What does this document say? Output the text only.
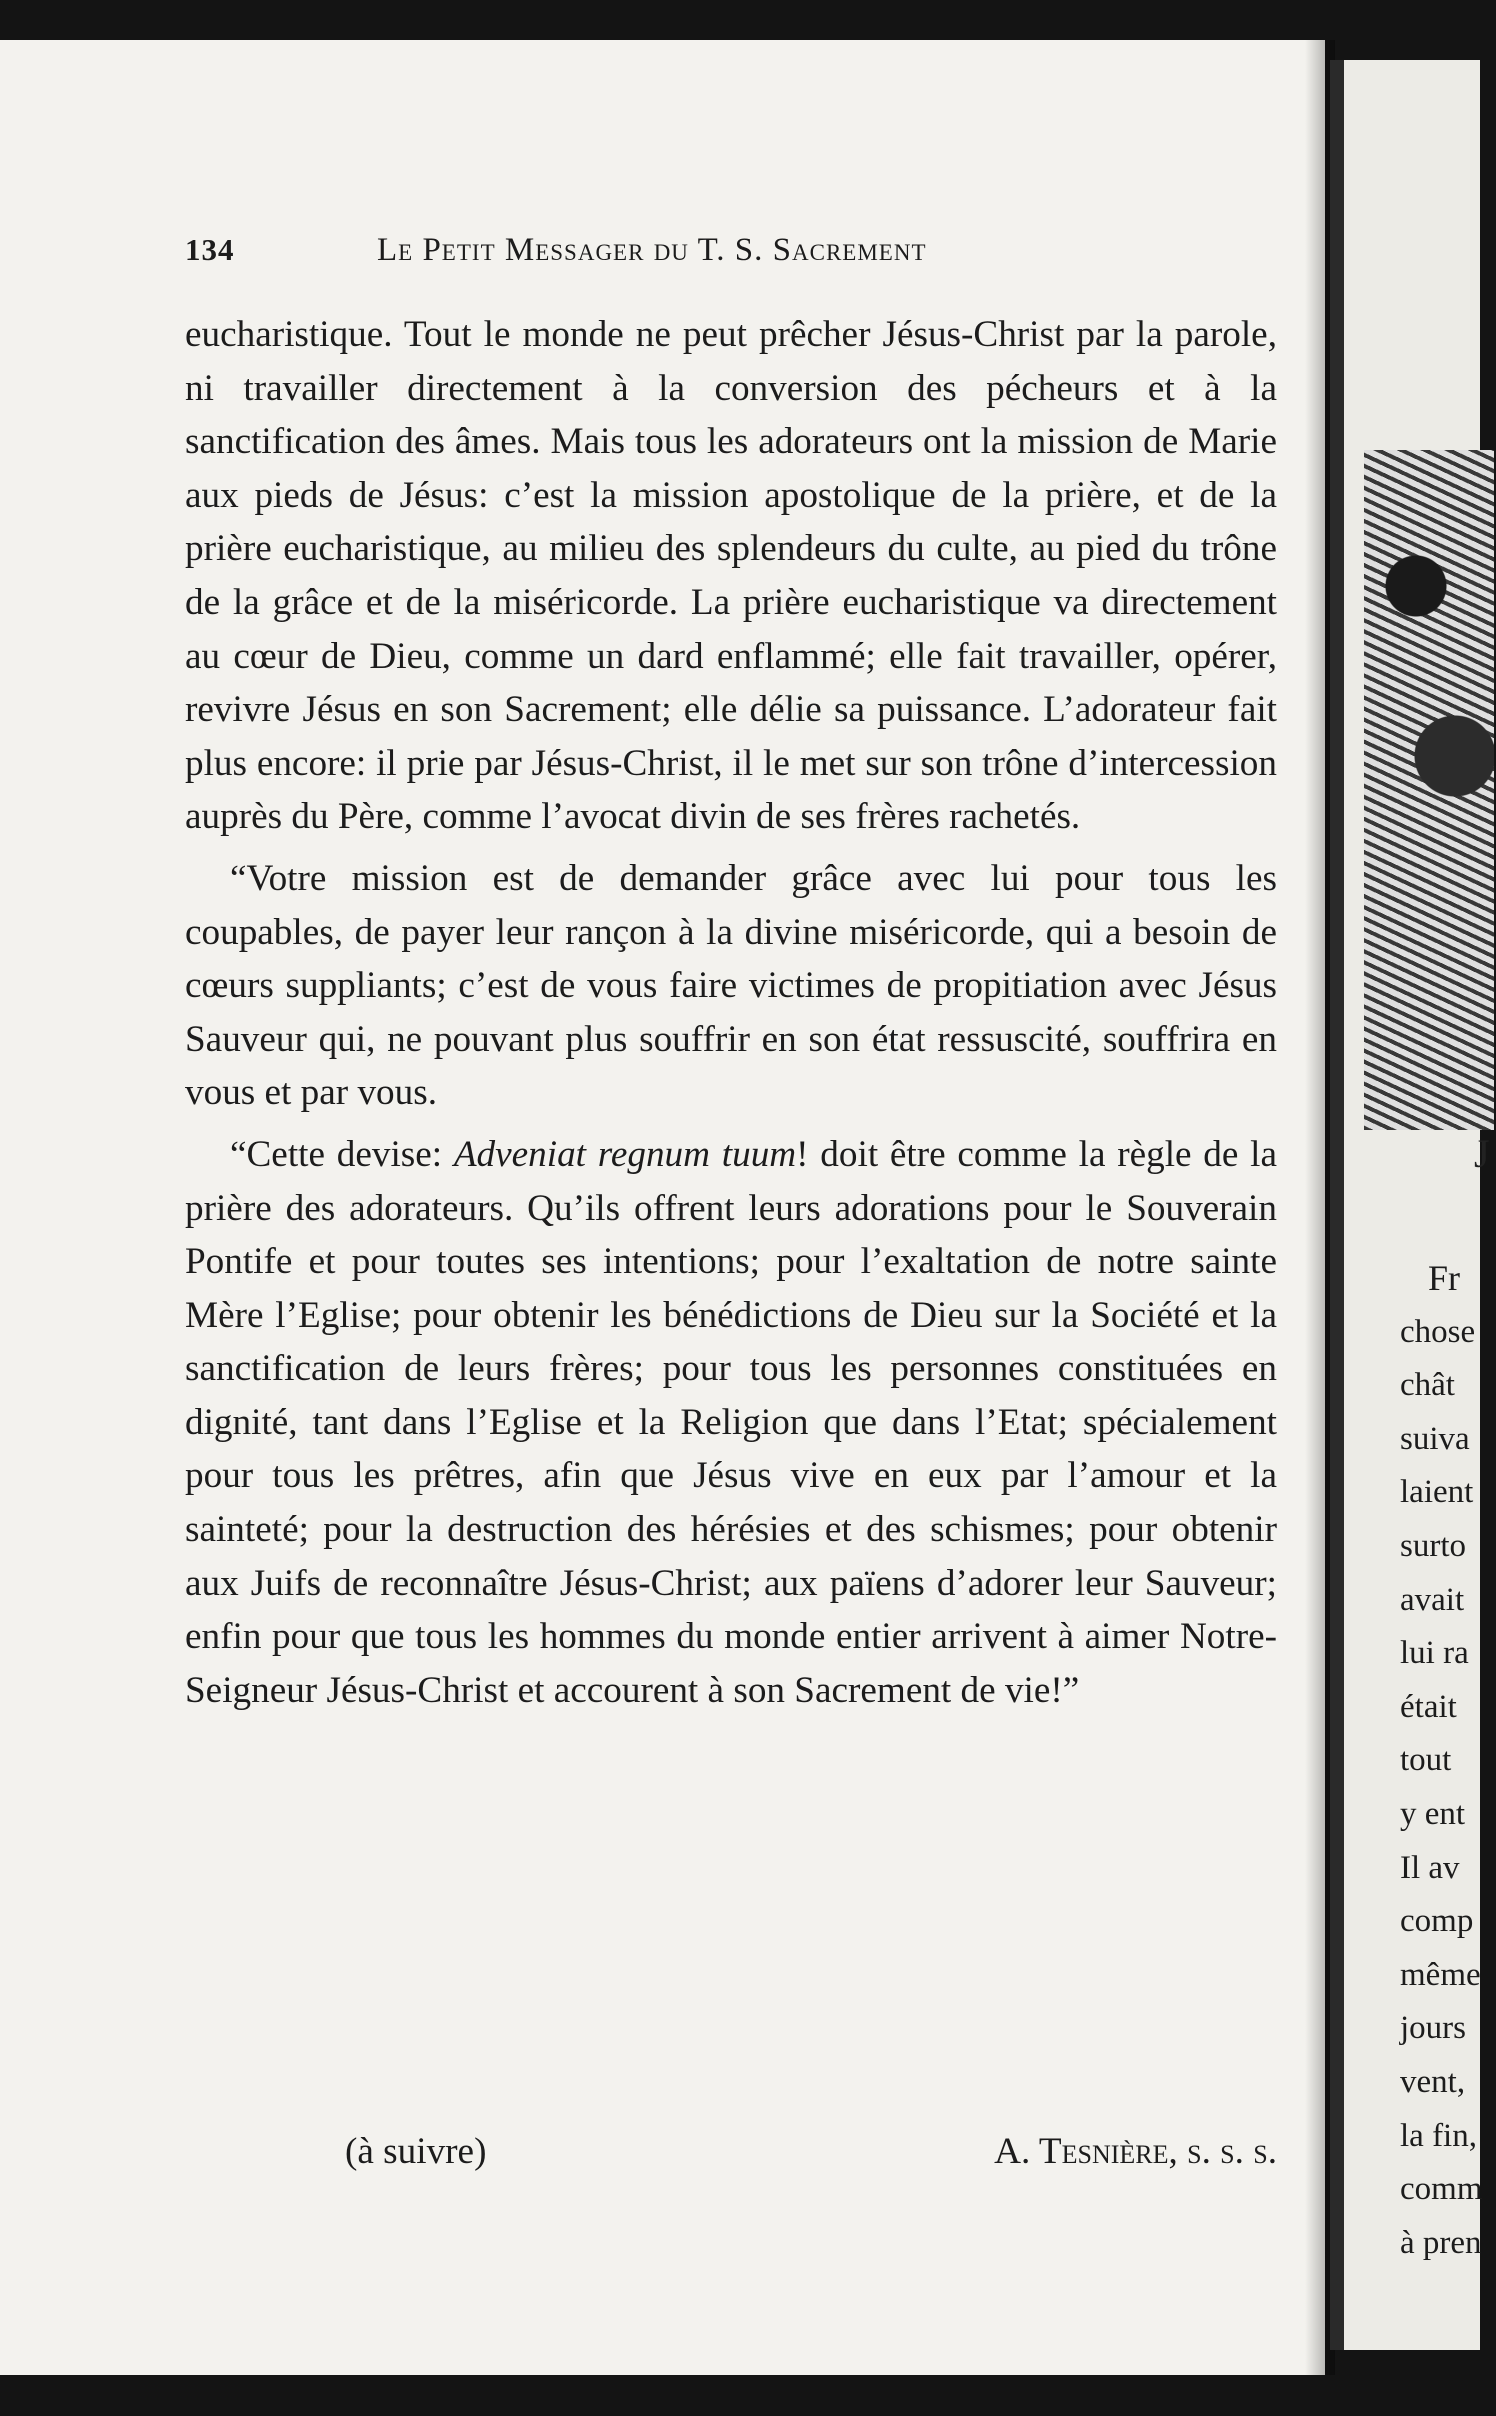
134	Le Petit Messager du T. S. Sacrement

eucharistique. Tout le monde ne peut prêcher Jésus-Christ par la parole, ni travailler directement à la conversion des pécheurs et à la sanctification des âmes. Mais tous les adorateurs ont la mission de Marie aux pieds de Jésus: c’est la mission apostolique de la prière, et de la prière eucharistique, au milieu des splendeurs du culte, au pied du trône de la grâce et de la miséricorde. La prière eucharistique va directement au cœur de Dieu, comme un dard enflammé; elle fait travailler, opérer, revivre Jésus en son Sacrement; elle délie sa puissance. L’adorateur fait plus encore: il prie par Jésus-Christ, il le met sur son trône d’intercession auprès du Père, comme l’avocat divin de ses frères rachetés.

“Votre mission est de demander grâce avec lui pour tous les coupables, de payer leur rançon à la divine miséricorde, qui a besoin de cœurs suppliants; c’est de vous faire victimes de propitiation avec Jésus Sauveur qui, ne pouvant plus souffrir en son état ressuscité, souffrira en vous et par vous.

“Cette devise: Adveniat regnum tuum! doit être comme la règle de la prière des adorateurs. Qu’ils offrent leurs adorations pour le Souverain Pontife et pour toutes ses intentions; pour l’exaltation de notre sainte Mère l’Eglise; pour obtenir les bénédictions de Dieu sur la Société et la sanctification de leurs frères; pour tous les personnes constituées en dignité, tant dans l’Eglise et la Religion que dans l’Etat; spécialement pour tous les prêtres, afin que Jésus vive en eux par l’amour et la sainteté; pour la destruction des hérésies et des schismes; pour obtenir aux Juifs de reconnaître Jésus-Christ; aux païens d’adorer leur Sauveur; enfin pour que tous les hommes du monde entier arrivent à aimer Notre-Seigneur Jésus-Christ et accourent à son Sacrement de vie!”

(à suivre)	A. Tesnière, s. s. s.
J
Fr
chose
chât
suiva
laient
surto
avait
lui ra
était
tout
y ent
Il av
comp
même
jours
vent,
la fin,
comm
à pren
